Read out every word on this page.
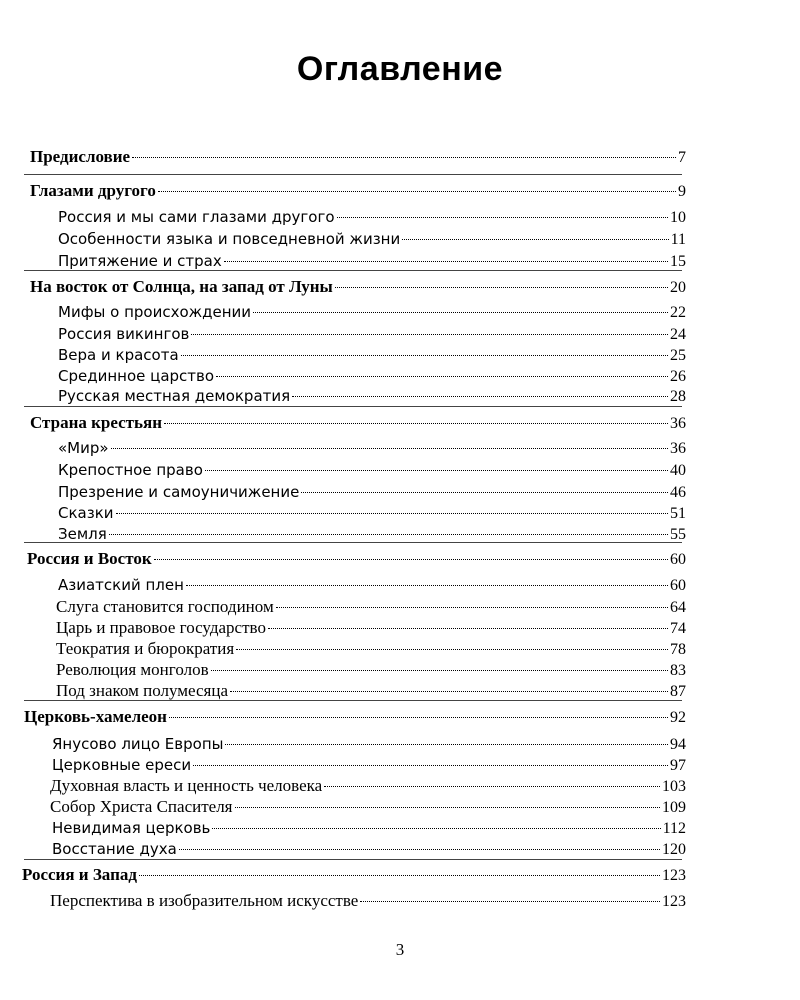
Оглавление
Предисловие	7
Глазами другого	9
Россия и мы сами глазами другого	10
Особенности языка и повседневной жизни	11
Притяжение и страх	15
На восток от Солнца, на запад от Луны	20
Мифы о происхождении	22
Россия викингов	24
Вера и красота	25
Срединное царство	26
Русская местная демократия	28
Страна крестьян	36
«Мир»	36
Крепостное право	40
Презрение и самоуничижение	46
Сказки	51
Земля	55
Россия и Восток	60
Азиатский плен	60
Слуга становится господином	64
Царь и правовое государство	74
Теократия и бюрократия	78
Революция монголов	83
Под знаком полумесяца	87
Церковь-хамелеон	92
Янусово лицо Европы	94
Церковные ереси	97
Духовная власть и ценность человека	103
Собор Христа Спасителя	109
Невидимая церковь	112
Восстание духа	120
Россия и Запад	123
Перспектива в изобразительном искусстве	123
3
